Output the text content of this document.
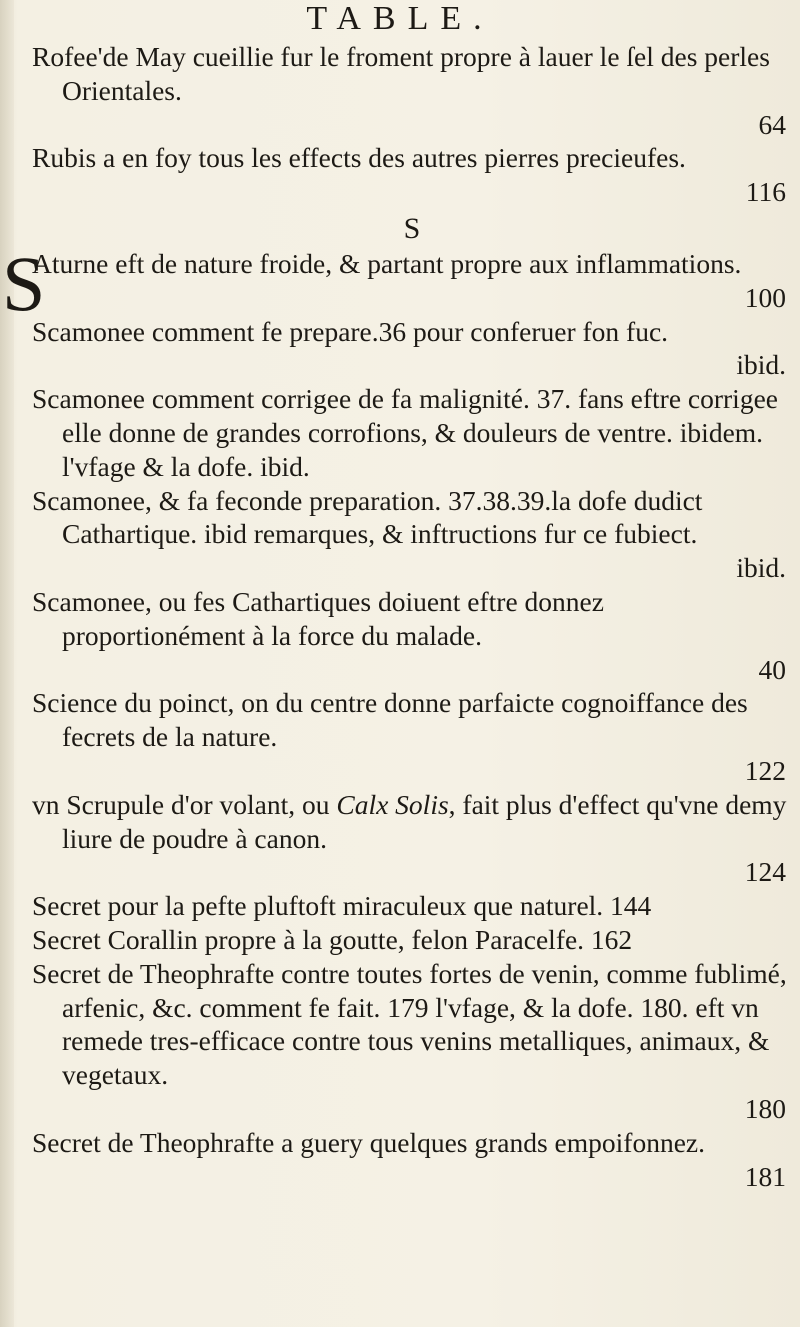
TABLE.

Rofee'de May cueillie fur le froment propre à lauer le ſel des perles Orientales.
64

Rubis a en foy tous les effects des autres pierres precieufes.
116

S

S
Aturne eft de nature froide, & partant propre aux inflammations.
100

Scamonee comment fe prepare.36 pour conferuer fon fuc.
ibid.

Scamonee comment corrigee de fa malignité. 37. fans eftre corrigee elle donne de grandes corrofions, & douleurs de ventre. ibidem. l'vfage & la dofe. ibid.

Scamonee, & fa feconde preparation. 37.38.39.la dofe dudict Cathartique. ibid remarques, & inftructions fur ce fubiect.
ibid.

Scamonee, ou fes Cathartiques doiuent eftre donnez proportionément à la force du malade.
40

Science du poinct, on du centre donne parfaicte cognoiffance des fecrets de la nature.
122

vn Scrupule d'or volant, ou Calx Solis, fait plus d'effect qu'vne demy liure de poudre à canon.
124

Secret pour la pefte pluftoft miraculeux que naturel. 144

Secret Corallin propre à la goutte, felon Paracelfe. 162

Secret de Theophrafte contre toutes fortes de venin, comme fublimé, arfenic, &c. comment fe fait. 179 l'vfage, & la dofe. 180. eft vn remede tres-efficace contre tous venins metalliques, animaux, & vegetaux.
180

Secret de Theophrafte a guery quelques grands empoifonnez.
181
